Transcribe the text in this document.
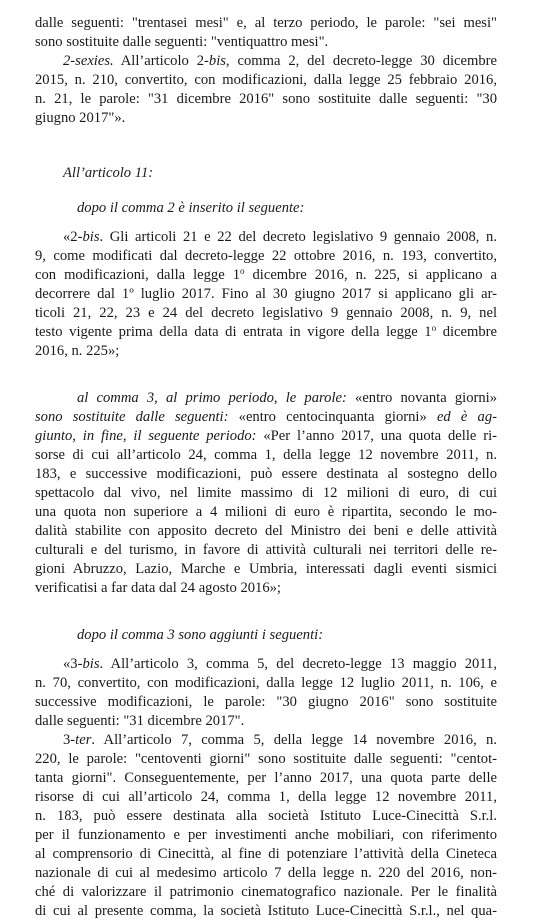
dalle seguenti: "trentasei mesi" e, al terzo periodo, le parole: "sei mesi"
sono sostituite dalle seguenti: "ventiquattro mesi".
2-sexies. All’articolo 2-bis, comma 2, del decreto-legge 30 dicembre
2015, n. 210, convertito, con modificazioni, dalla legge 25 febbraio 2016,
n. 21, le parole: "31 dicembre 2016" sono sostituite dalle seguenti: "30
giugno 2017"».
All’articolo 11:
dopo il comma 2 è inserito il seguente:
«2-bis. Gli articoli 21 e 22 del decreto legislativo 9 gennaio 2008, n.
9, come modificati dal decreto-legge 22 ottobre 2016, n. 193, convertito,
con modificazioni, dalla legge 1$^o$ dicembre 2016, n. 225, si applicano a
decorrere dal 1º luglio 2017. Fino al 30 giugno 2017 si applicano gli ar-
ticoli 21, 22, 23 e 24 del decreto legislativo 9 gennaio 2008, n. 9, nel
testo vigente prima della data di entrata in vigore della legge 1$^o$ dicembre
2016, n. 225»;
al comma 3, al primo periodo, le parole: «entro novanta giorni»
sono sostituite dalle seguenti: «entro centocinquanta giorni» ed è ag-
giunto, in fine, il seguente periodo: «Per l’anno 2017, una quota delle ri-
sorse di cui all’articolo 24, comma 1, della legge 12 novembre 2011, n.
183, e successive modificazioni, può essere destinata al sostegno dello
spettacolo dal vivo, nel limite massimo di 12 milioni di euro, di cui
una quota non superiore a 4 milioni di euro è ripartita, secondo le mo-
dalità stabilite con apposito decreto del Ministro dei beni e delle attività
culturali e del turismo, in favore di attività culturali nei territori delle re-
gioni Abruzzo, Lazio, Marche e Umbria, interessati dagli eventi sismici
verificatisi a far data dal 24 agosto 2016»;
dopo il comma 3 sono aggiunti i seguenti:
«3-bis. All’articolo 3, comma 5, del decreto-legge 13 maggio 2011,
n. 70, convertito, con modificazioni, dalla legge 12 luglio 2011, n. 106, e
successive modificazioni, le parole: "30 giugno 2016" sono sostituite
dalle seguenti: "31 dicembre 2017".
3-ter. All’articolo 7, comma 5, della legge 14 novembre 2016, n.
220, le parole: "centoventi giorni" sono sostituite dalle seguenti: "centot-
tanta giorni". Conseguentemente, per l’anno 2017, una quota parte delle
risorse di cui all’articolo 24, comma 1, della legge 12 novembre 2011,
n. 183, può essere destinata alla società Istituto Luce-Cinecittà S.r.l.
per il funzionamento e per investimenti anche mobiliari, con riferimento
al comprensorio di Cinecittà, al fine di potenziare l’attività della Cineteca
nazionale di cui al medesimo articolo 7 della legge n. 220 del 2016, non-
ché di valorizzare il patrimonio cinematografico nazionale. Per le finalità
di cui al presente comma, la società Istituto Luce-Cinecittà S.r.l., nel qua-
